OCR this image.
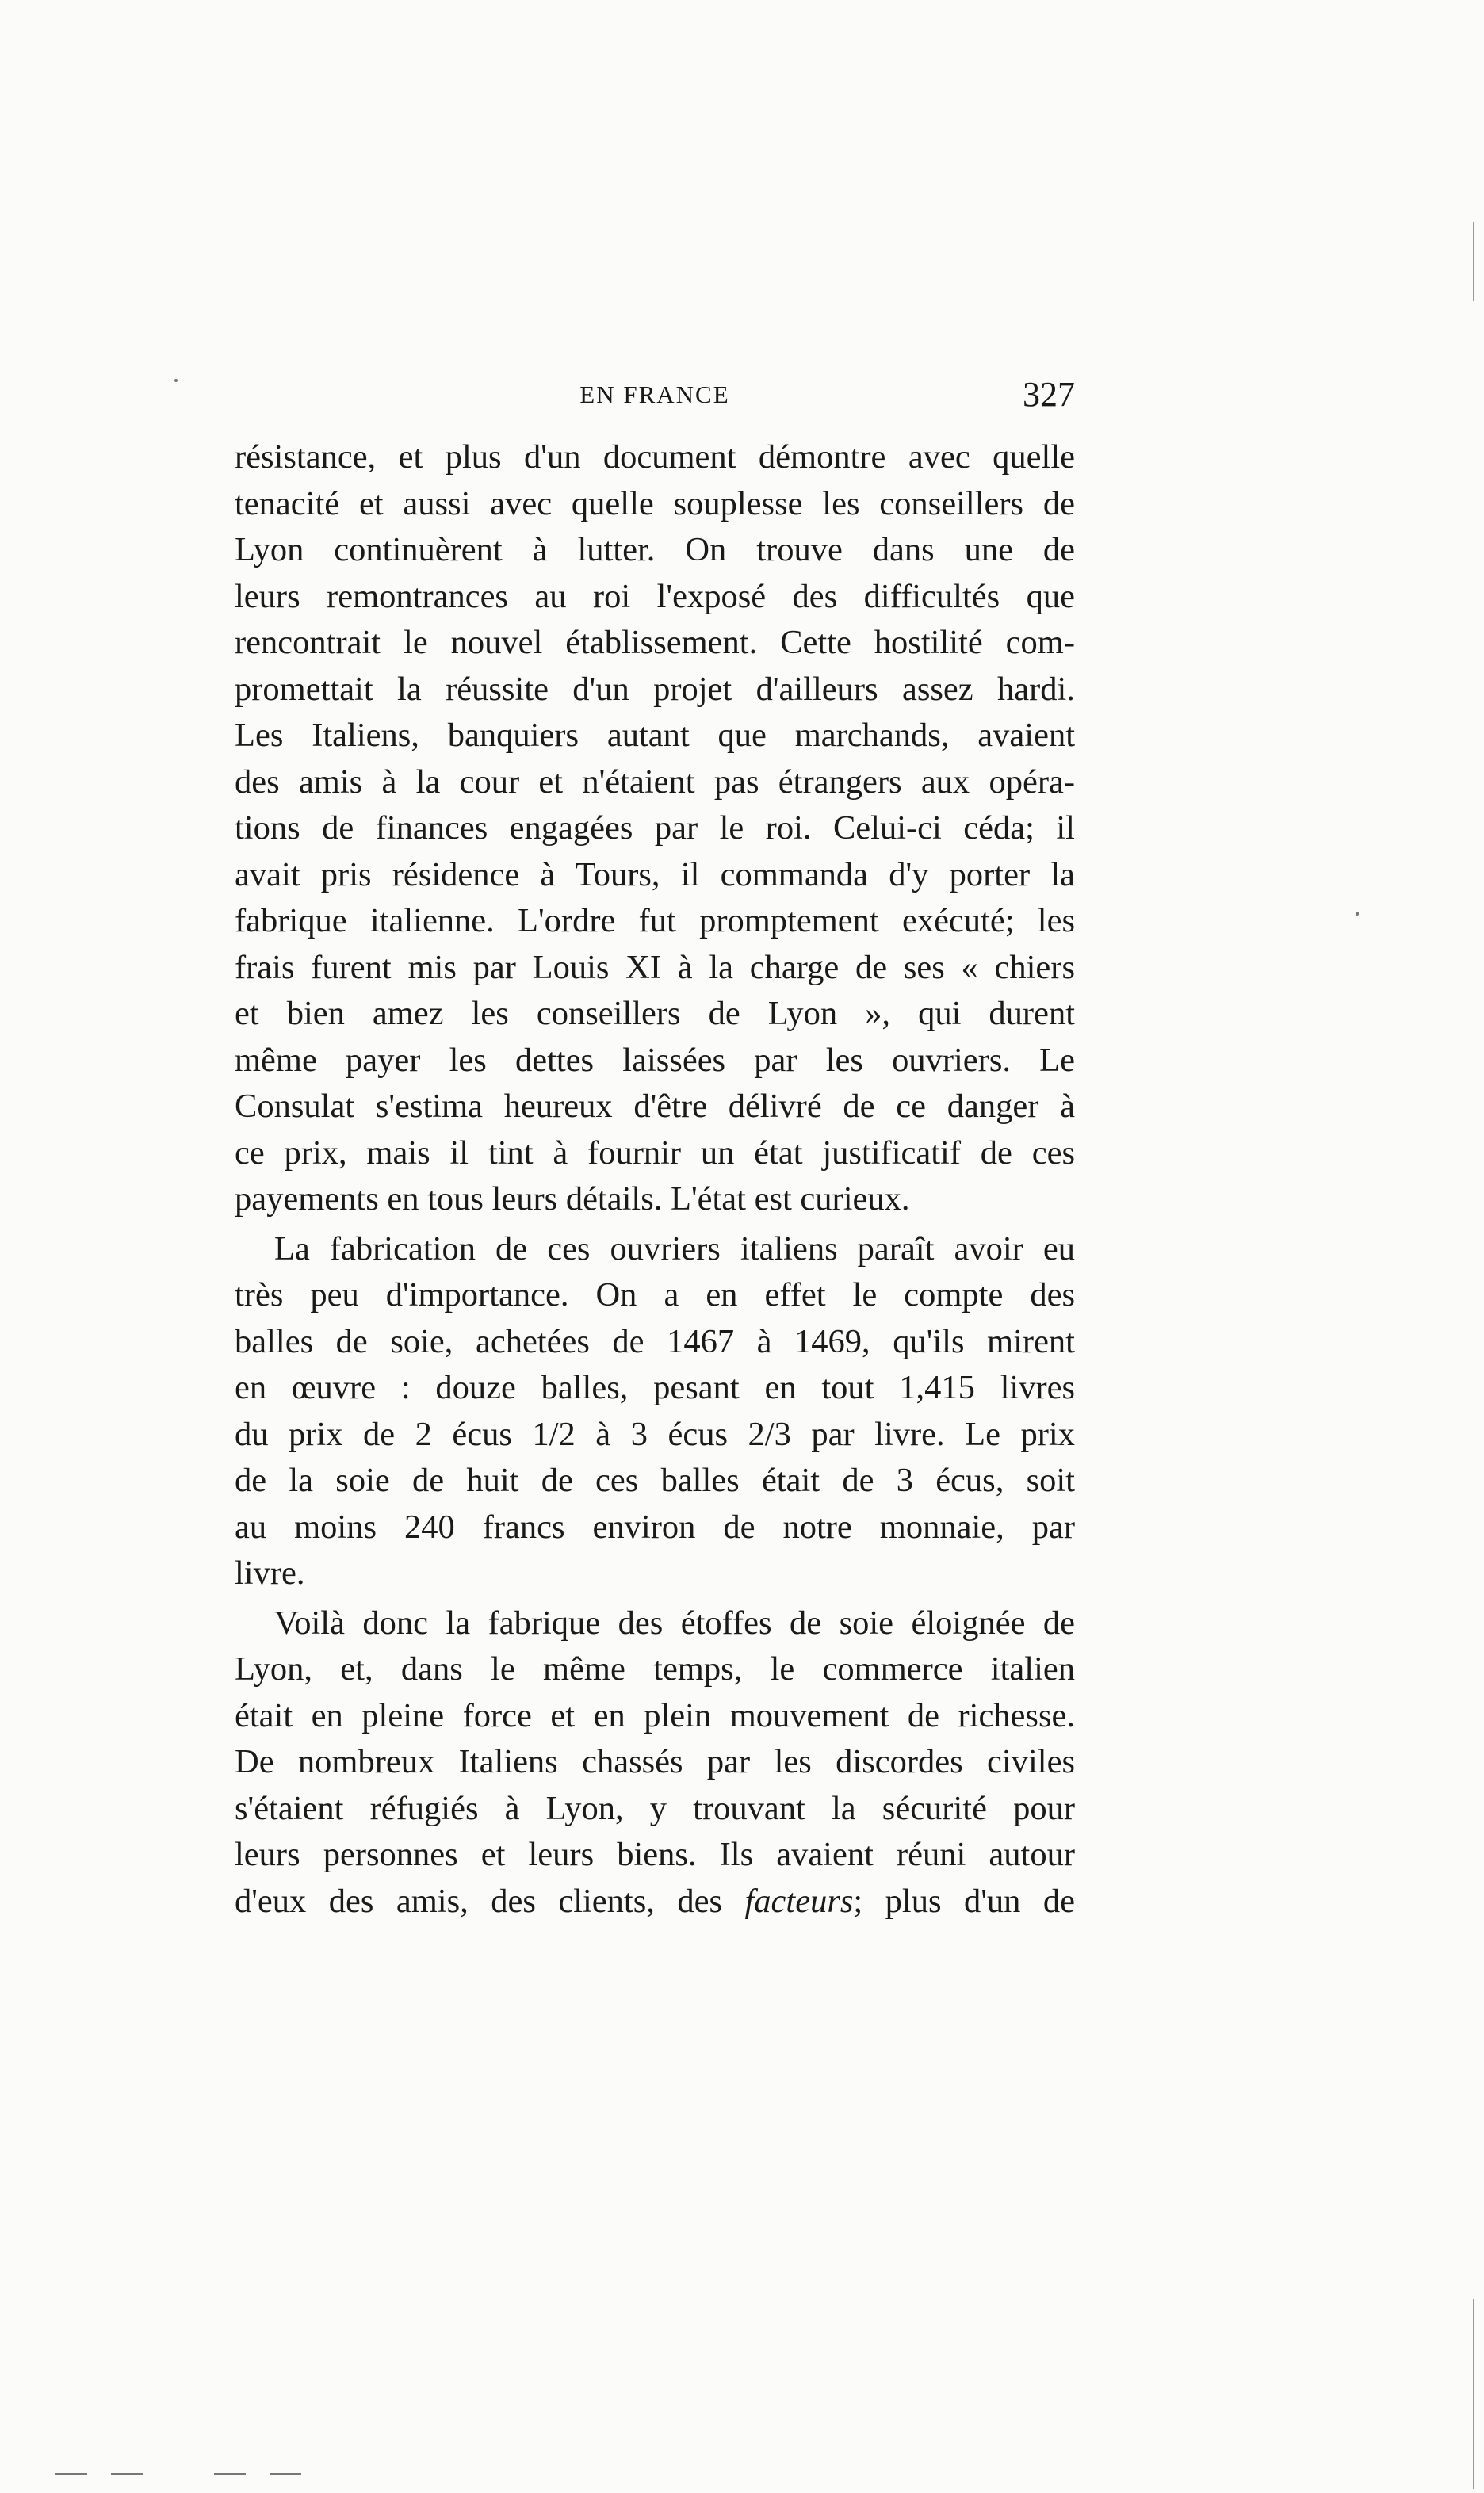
EN FRANCE	327
résistance, et plus d'un document démontre avec quelle
tenacité et aussi avec quelle souplesse les conseillers de
Lyon continuèrent à lutter. On trouve dans une de
leurs remontrances au roi l'exposé des difficultés que
rencontrait le nouvel établissement. Cette hostilité com-
promettait la réussite d'un projet d'ailleurs assez hardi.
Les Italiens, banquiers autant que marchands, avaient
des amis à la cour et n'étaient pas étrangers aux opéra-
tions de finances engagées par le roi. Celui-ci céda; il
avait pris résidence à Tours, il commanda d'y porter la
fabrique italienne. L'ordre fut promptement exécuté; les
frais furent mis par Louis XI à la charge de ses « chiers
et bien amez les conseillers de Lyon », qui durent
même payer les dettes laissées par les ouvriers. Le
Consulat s'estima heureux d'être délivré de ce danger à
ce prix, mais il tint à fournir un état justificatif de ces
payements en tous leurs détails. L'état est curieux.
La fabrication de ces ouvriers italiens paraît avoir eu
très peu d'importance. On a en effet le compte des
balles de soie, achetées de 1467 à 1469, qu'ils mirent
en œuvre : douze balles, pesant en tout 1,415 livres
du prix de 2 écus 1/2 à 3 écus 2/3 par livre. Le prix
de la soie de huit de ces balles était de 3 écus, soit
au moins 240 francs environ de notre monnaie, par
livre.
Voilà donc la fabrique des étoffes de soie éloignée de
Lyon, et, dans le même temps, le commerce italien
était en pleine force et en plein mouvement de richesse.
De nombreux Italiens chassés par les discordes civiles
s'étaient réfugiés à Lyon, y trouvant la sécurité pour
leurs personnes et leurs biens. Ils avaient réuni autour
d'eux des amis, des clients, des facteurs; plus d'un de
